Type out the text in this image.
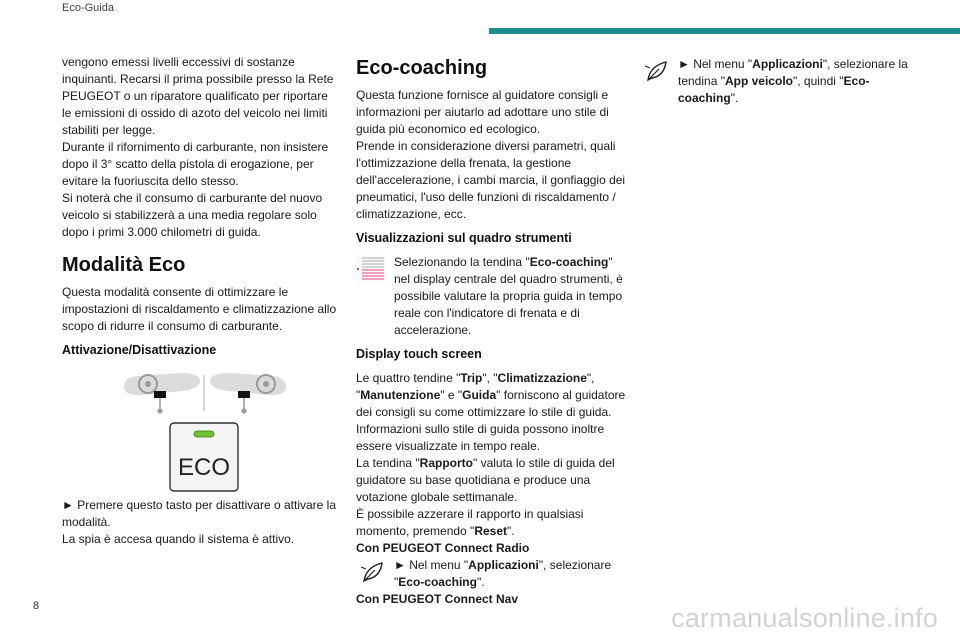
Eco-Guida

vengono emessi livelli eccessivi di sostanze inquinanti. Recarsi il prima possibile presso la Rete PEUGEOT o un riparatore qualificato per riportare le emissioni di ossido di azoto del veicolo nei limiti stabiliti per legge.

Durante il rifornimento di carburante, non insistere dopo il 3° scatto della pistola di erogazione, per evitare la fuoriuscita dello stesso.

Si noterà che il consumo di carburante del nuovo veicolo si stabilizzerà a una media regolare solo dopo i primi 3.000 chilometri di guida.

Modalità Eco

Questa modalità consente di ottimizzare le impostazioni di riscaldamento e climatizzazione allo scopo di ridurre il consumo di carburante.

Attivazione/Disattivazione
ECO

► Premere questo tasto per disattivare o attivare la modalità.

La spia è accesa quando il sistema è attivo.

Eco-coaching

Questa funzione fornisce al guidatore consigli e informazioni per aiutarlo ad adottare uno stile di guida più economico ed ecologico.

Prende in considerazione diversi parametri, quali l'ottimizzazione della frenata, la gestione dell'accelerazione, i cambi marcia, il gonfiaggio dei pneumatici, l'uso delle funzioni di riscaldamento / climatizzazione, ecc.

Visualizzazioni sul quadro strumenti

Selezionando la tendina "Eco-coaching" nel display centrale del quadro strumenti, è possibile valutare la propria guida in tempo reale con l'indicatore di frenata e di accelerazione.

Display touch screen

Le quattro tendine "Trip", "Climatizzazione", "Manutenzione" e "Guida" forniscono al guidatore dei consigli su come ottimizzare lo stile di guida.

Informazioni sullo stile di guida possono inoltre essere visualizzate in tempo reale.

La tendina "Rapporto" valuta lo stile di guida del guidatore su base quotidiana e produce una votazione globale settimanale.

È possibile azzerare il rapporto in qualsiasi momento, premendo "Reset".

Con PEUGEOT Connect Radio

► Nel menu "Applicazioni", selezionare "Eco-coaching".

Con PEUGEOT Connect Nav

► Nel menu "Applicazioni", selezionare la tendina "App veicolo", quindi "Eco-coaching".

8	carmanualsonline.info
